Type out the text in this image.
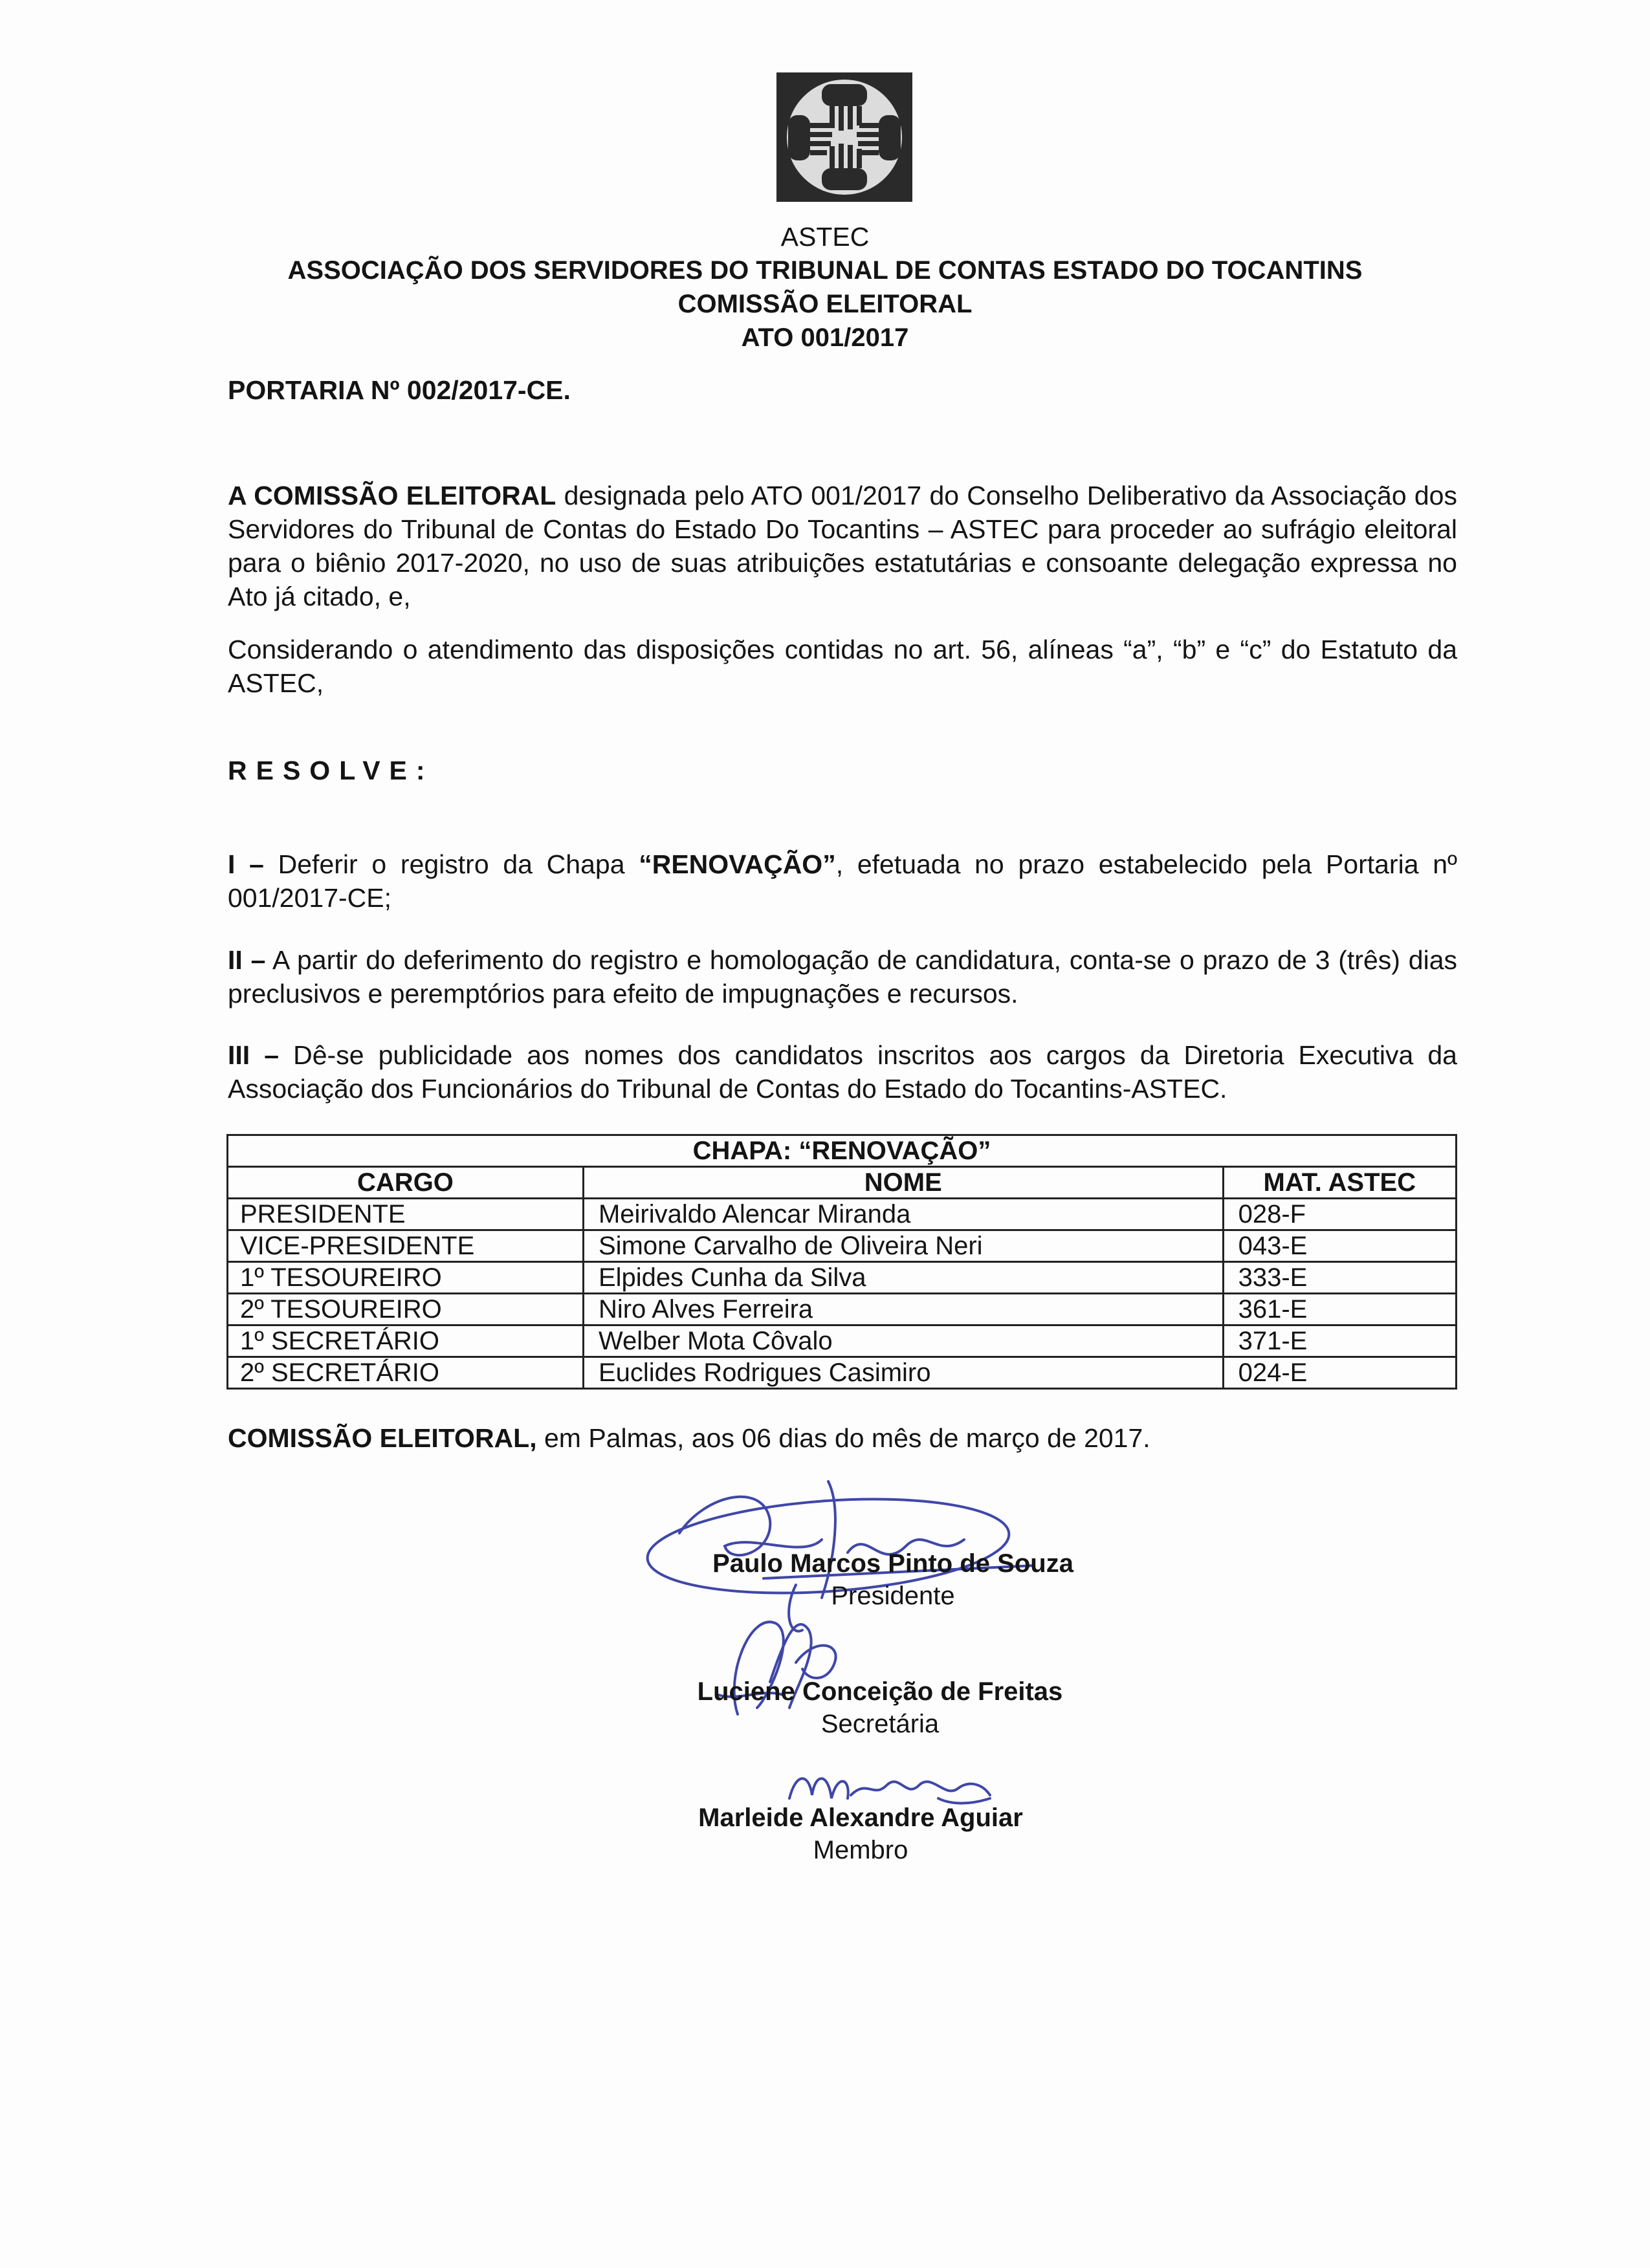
ASTEC
ASSOCIAÇÃO DOS SERVIDORES DO TRIBUNAL DE CONTAS ESTADO DO TOCANTINS
COMISSÃO ELEITORAL
ATO 001/2017
PORTARIA Nº 002/2017-CE.
A COMISSÃO ELEITORAL designada pelo ATO 001/2017 do Conselho Deliberativo da Associação dos Servidores do Tribunal de Contas do Estado Do Tocantins – ASTEC para proceder ao sufrágio eleitoral para o biênio 2017-2020, no uso de suas atribuições estatutárias e consoante delegação expressa no Ato já citado, e,
Considerando o atendimento das disposições contidas no art. 56, alíneas “a”, “b” e “c” do Estatuto da ASTEC,
RESOLVE:
I – Deferir o registro da Chapa “RENOVAÇÃO”, efetuada no prazo estabelecido pela Portaria nº 001/2017-CE;
II – A partir do deferimento do registro e homologação de candidatura, conta-se o prazo de 3 (três) dias preclusivos e peremptórios para efeito de impugnações e recursos.
III – Dê-se publicidade aos nomes dos candidatos inscritos aos cargos da Diretoria Executiva da Associação dos Funcionários do Tribunal de Contas do Estado do Tocantins-ASTEC.
CHAPA: “RENOVAÇÃO”		
CARGO	NOME	MAT. ASTEC
PRESIDENTE	Meirivaldo Alencar Miranda	028-F
VICE-PRESIDENTE	Simone Carvalho de Oliveira Neri	043-E
1º TESOUREIRO	Elpides Cunha da Silva	333-E
2º TESOUREIRO	Niro Alves Ferreira	361-E
1º SECRETÁRIO	Welber Mota Côvalo	371-E
2º SECRETÁRIO	Euclides Rodrigues Casimiro	024-E
COMISSÃO ELEITORAL, em Palmas, aos 06 dias do mês de março de 2017.
Paulo Marcos Pinto de Souza
Presidente
Luciene Conceição de Freitas
Secretária
Marleide Alexandre Aguiar
Membro
